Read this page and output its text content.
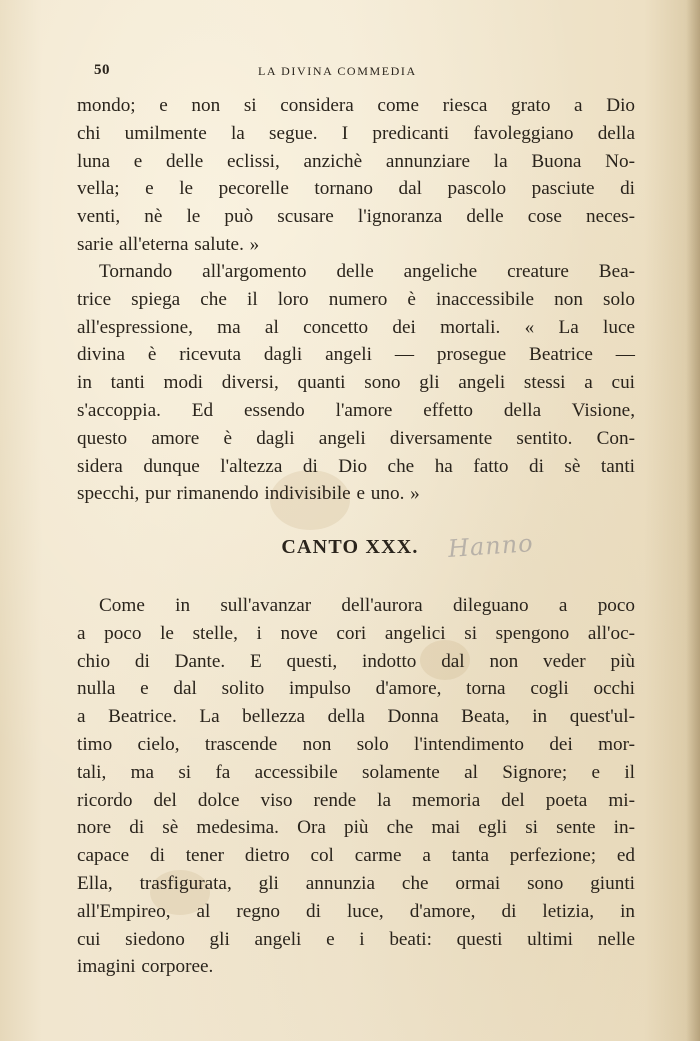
50	LA DIVINA COMMEDIA

mondo; e non si considera come riesca grato a Dio
chi umilmente la segue. I predicanti favoleggiano della
luna e delle eclissi, anzichè annunziare la Buona No-
vella; e le pecorelle tornano dal pascolo pasciute di
venti, nè le può scusare l'ignoranza delle cose neces-
sarie all'eterna salute. »

Tornando all'argomento delle angeliche creature Bea-
trice spiega che il loro numero è inaccessibile non solo
all'espressione, ma al concetto dei mortali. « La luce
divina è ricevuta dagli angeli — prosegue Beatrice —
in tanti modi diversi, quanti sono gli angeli stessi a cui
s'accoppia. Ed essendo l'amore effetto della Visione,
questo amore è dagli angeli diversamente sentito. Con-
sidera dunque l'altezza di Dio che ha fatto di sè tanti
specchi, pur rimanendo indivisibile e uno. »

CANTO XXX.	Hanno

Come in sull'avanzar dell'aurora dileguano a poco
a poco le stelle, i nove cori angelici si spengono all'oc-
chio di Dante. E questi, indotto dal non veder più
nulla e dal solito impulso d'amore, torna cogli occhi
a Beatrice. La bellezza della Donna Beata, in quest'ul-
timo cielo, trascende non solo l'intendimento dei mor-
tali, ma si fa accessibile solamente al Signore; e il
ricordo del dolce viso rende la memoria del poeta mi-
nore di sè medesima. Ora più che mai egli si sente in-
capace di tener dietro col carme a tanta perfezione; ed
Ella, trasfigurata, gli annunzia che ormai sono giunti
all'Empireo, al regno di luce, d'amore, di letizia, in
cui siedono gli angeli e i beati: questi ultimi nelle
imagini corporee.
